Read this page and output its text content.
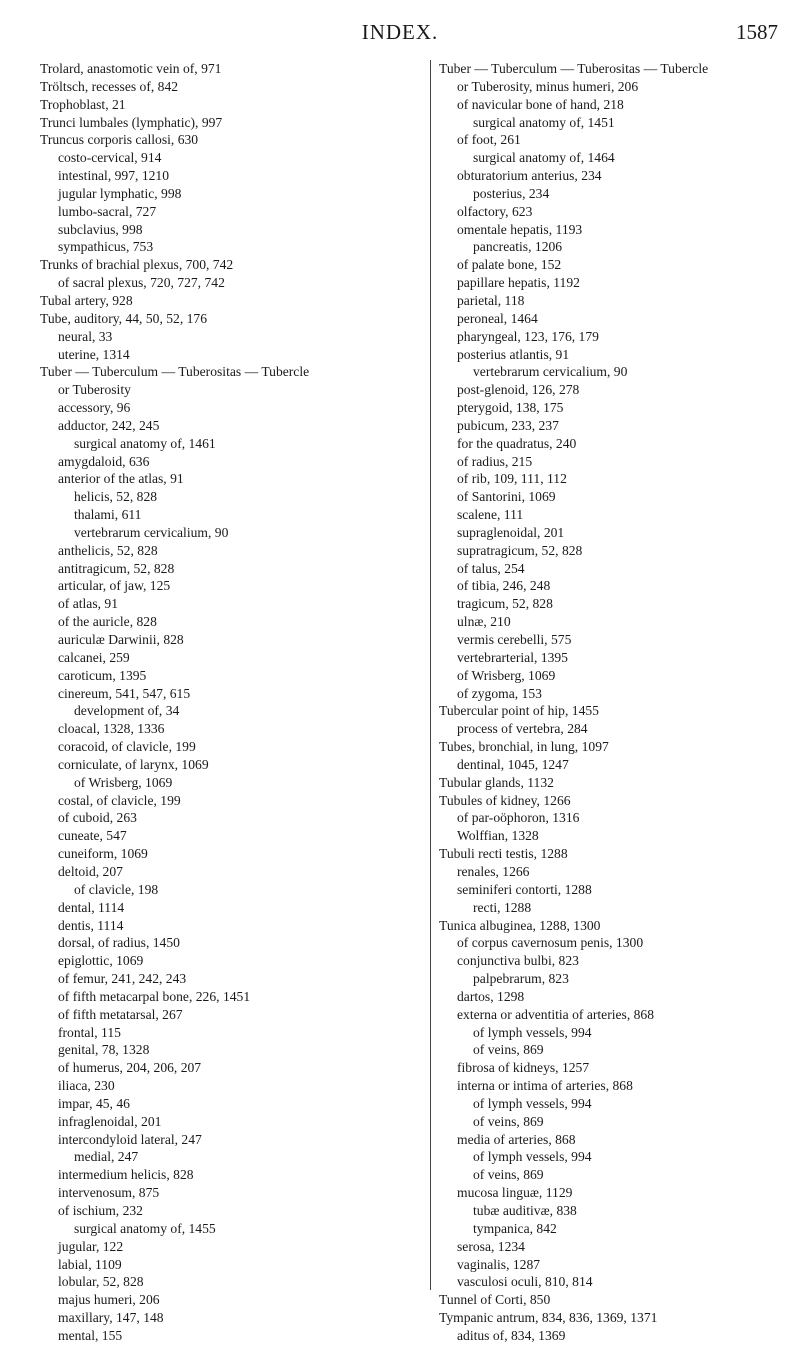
INDEX.	1587
Trolard, anastomotic vein of, 971
Tröltsch, recesses of, 842
Trophoblast, 21
Trunci lumbales (lymphatic), 997
Truncus corporis callosi, 630
costo-cervical, 914
intestinal, 997, 1210
jugular lymphatic, 998
lumbo-sacral, 727
subclavius, 998
sympathicus, 753
Trunks of brachial plexus, 700, 742
of sacral plexus, 720, 727, 742
Tubal artery, 928
Tube, auditory, 44, 50, 52, 176
neural, 33
uterine, 1314
Tuber — Tuberculum — Tuberositas — Tubercle
or Tuberosity
accessory, 96
adductor, 242, 245
surgical anatomy of, 1461
amygdaloid, 636
anterior of the atlas, 91
helicis, 52, 828
thalami, 611
vertebrarum cervicalium, 90
anthelicis, 52, 828
antitragicum, 52, 828
articular, of jaw, 125
of atlas, 91
of the auricle, 828
auriculæ Darwinii, 828
calcanei, 259
caroticum, 1395
cinereum, 541, 547, 615
development of, 34
cloacal, 1328, 1336
coracoid, of clavicle, 199
corniculate, of larynx, 1069
of Wrisberg, 1069
costal, of clavicle, 199
of cuboid, 263
cuneate, 547
cuneiform, 1069
deltoid, 207
of clavicle, 198
dental, 1114
dentis, 1114
dorsal, of radius, 1450
epiglottic, 1069
of femur, 241, 242, 243
of fifth metacarpal bone, 226, 1451
of fifth metatarsal, 267
frontal, 115
genital, 78, 1328
of humerus, 204, 206, 207
iliaca, 230
impar, 45, 46
infraglenoidal, 201
intercondyloid lateral, 247
medial, 247
intermedium helicis, 828
intervenosum, 875
of ischium, 232
surgical anatomy of, 1455
jugular, 122
labial, 1109
lobular, 52, 828
majus humeri, 206
maxillary, 147, 148
mental, 155
Tuber — Tuberculum — Tuberositas — Tubercle
or Tuberosity, minus humeri, 206
of navicular bone of hand, 218
surgical anatomy of, 1451
of foot, 261
surgical anatomy of, 1464
obturatorium anterius, 234
posterius, 234
olfactory, 623
omentale hepatis, 1193
pancreatis, 1206
of palate bone, 152
papillare hepatis, 1192
parietal, 118
peroneal, 1464
pharyngeal, 123, 176, 179
posterius atlantis, 91
vertebrarum cervicalium, 90
post-glenoid, 126, 278
pterygoid, 138, 175
pubicum, 233, 237
for the quadratus, 240
of radius, 215
of rib, 109, 111, 112
of Santorini, 1069
scalene, 111
supraglenoidal, 201
supratragicum, 52, 828
of talus, 254
of tibia, 246, 248
tragicum, 52, 828
ulnæ, 210
vermis cerebelli, 575
vertebrarterial, 1395
of Wrisberg, 1069
of zygoma, 153
Tubercular point of hip, 1455
process of vertebra, 284
Tubes, bronchial, in lung, 1097
dentinal, 1045, 1247
Tubular glands, 1132
Tubules of kidney, 1266
of par-oöphoron, 1316
Wolffian, 1328
Tubuli recti testis, 1288
renales, 1266
seminiferi contorti, 1288
recti, 1288
Tunica albuginea, 1288, 1300
of corpus cavernosum penis, 1300
conjunctiva bulbi, 823
palpebrarum, 823
dartos, 1298
externa or adventitia of arteries, 868
of lymph vessels, 994
of veins, 869
fibrosa of kidneys, 1257
interna or intima of arteries, 868
of lymph vessels, 994
of veins, 869
media of arteries, 868
of lymph vessels, 994
of veins, 869
mucosa linguæ, 1129
tubæ auditivæ, 838
tympanica, 842
serosa, 1234
vaginalis, 1287
vasculosi oculi, 810, 814
Tunnel of Corti, 850
Tympanic antrum, 834, 836, 1369, 1371
aditus of, 834, 1369
